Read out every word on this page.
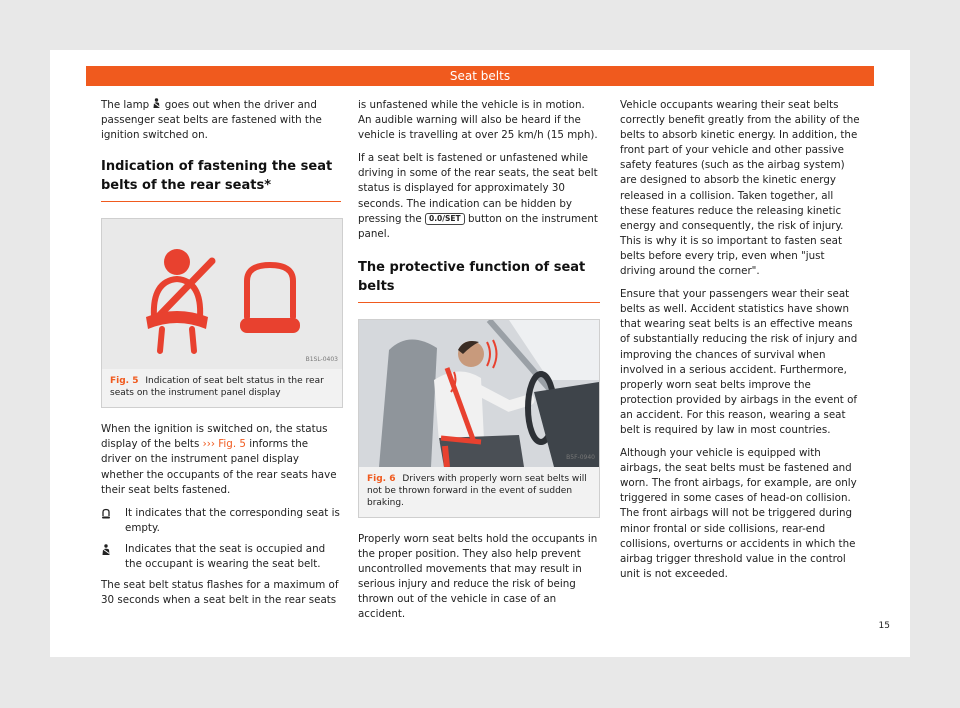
Seat belts

The lamp goes out when the driver and passenger seat belts are fastened with the ignition switched on.

Indication of fastening the seat belts of the rear seats*
B1SL-0403
Fig. 5 Indication of seat belt status in the rear seats on the instrument panel display

When the ignition is switched on, the status display of the belts ››› Fig. 5 informs the driver on the instrument panel display whether the occupants of the rear seats have their seat belts fastened.

It indicates that the corresponding seat is empty.
Indicates that the seat is occupied and the occupant is wearing the seat belt.

The seat belt status flashes for a maximum of 30 seconds when a seat belt in the rear seats

is unfastened while the vehicle is in motion. An audible warning will also be heard if the vehicle is travelling at over 25 km/h (15 mph).

If a seat belt is fastened or unfastened while driving in some of the rear seats, the seat belt status is displayed for approximately 30 seconds. The indication can be hidden by pressing the 0.0/SET button on the instrument panel.

The protective function of seat belts
B5F-0940
Fig. 6 Drivers with properly worn seat belts will not be thrown forward in the event of sudden braking.

Properly worn seat belts hold the occupants in the proper position. They also help prevent uncontrolled movements that may result in serious injury and reduce the risk of being thrown out of the vehicle in case of an accident.

Vehicle occupants wearing their seat belts correctly benefit greatly from the ability of the belts to absorb kinetic energy. In addition, the front part of your vehicle and other passive safety features (such as the airbag system) are designed to absorb the kinetic energy released in a collision. Taken together, all these features reduce the releasing kinetic energy and consequently, the risk of injury. This is why it is so important to fasten seat belts before every trip, even when "just driving around the corner".

Ensure that your passengers wear their seat belts as well. Accident statistics have shown that wearing seat belts is an effective means of substantially reducing the risk of injury and improving the chances of survival when involved in a serious accident. Furthermore, properly worn seat belts improve the protection provided by airbags in the event of an accident. For this reason, wearing a seat belt is required by law in most countries.

Although your vehicle is equipped with airbags, the seat belts must be fastened and worn. The front airbags, for example, are only triggered in some cases of head-on collision. The front airbags will not be triggered during minor frontal or side collisions, rear-end collisions, overturns or accidents in which the airbag trigger threshold value in the control unit is not exceeded.

15
